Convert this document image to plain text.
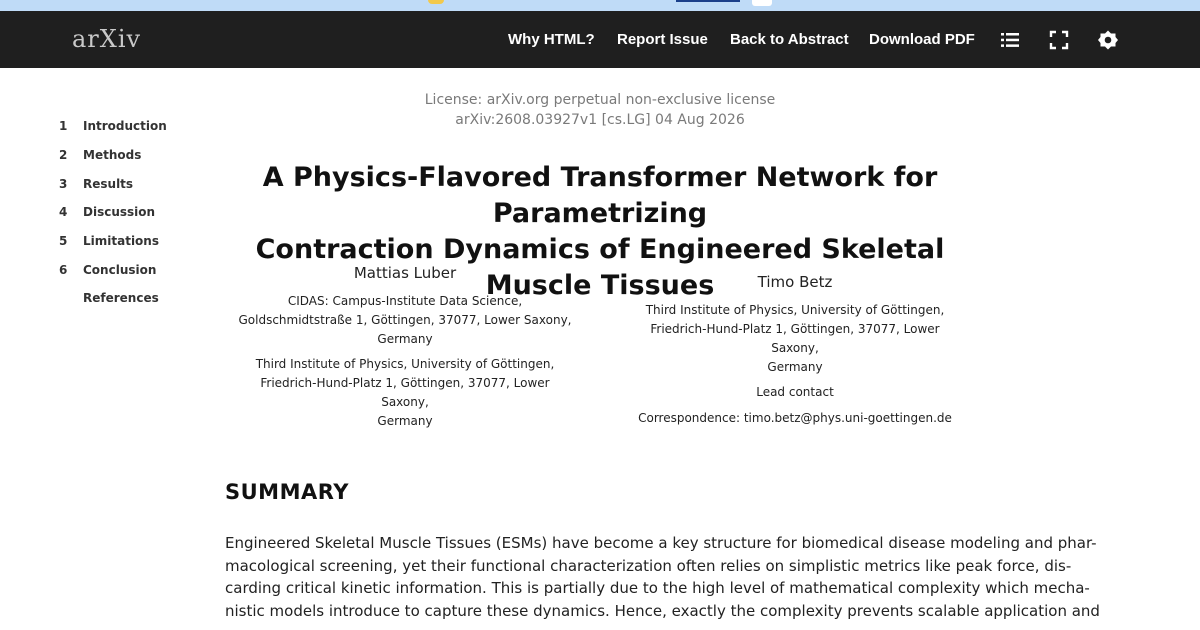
arXiv	Why HTML? Report Issue Back to Abstract Download PDF
1	Introduction
2	Methods
3	Results
4	Discussion
5	Limitations
6	Conclusion
References
License: arXiv.org perpetual non-exclusive license
arXiv:2608.03927v1 [cs.LG] 04 Aug 2026
A Physics-Flavored Transformer Network for Parametrizing
Contraction Dynamics of Engineered Skeletal Muscle Tissues
Mattias Luber
CIDAS: Campus-Institute Data Science,
Goldschmidtstraße 1, Göttingen, 37077, Lower Saxony,
Germany
Third Institute of Physics, University of Göttingen,
Friedrich-Hund-Platz 1, Göttingen, 37077, Lower Saxony,
Germany
Timo Betz
Third Institute of Physics, University of Göttingen,
Friedrich-Hund-Platz 1, Göttingen, 37077, Lower Saxony,
Germany
Lead contact
Correspondence: timo.betz@phys.uni-goettingen.de
SUMMARY
Engineered Skeletal Muscle Tissues (ESMs) have become a key structure for biomedical disease modeling and phar-
macological screening, yet their functional characterization often relies on simplistic metrics like peak force, dis-
carding critical kinetic information. This is partially due to the high level of mathematical complexity which mecha-
nistic models introduce to capture these dynamics. Hence, exactly the complexity prevents scalable application and
